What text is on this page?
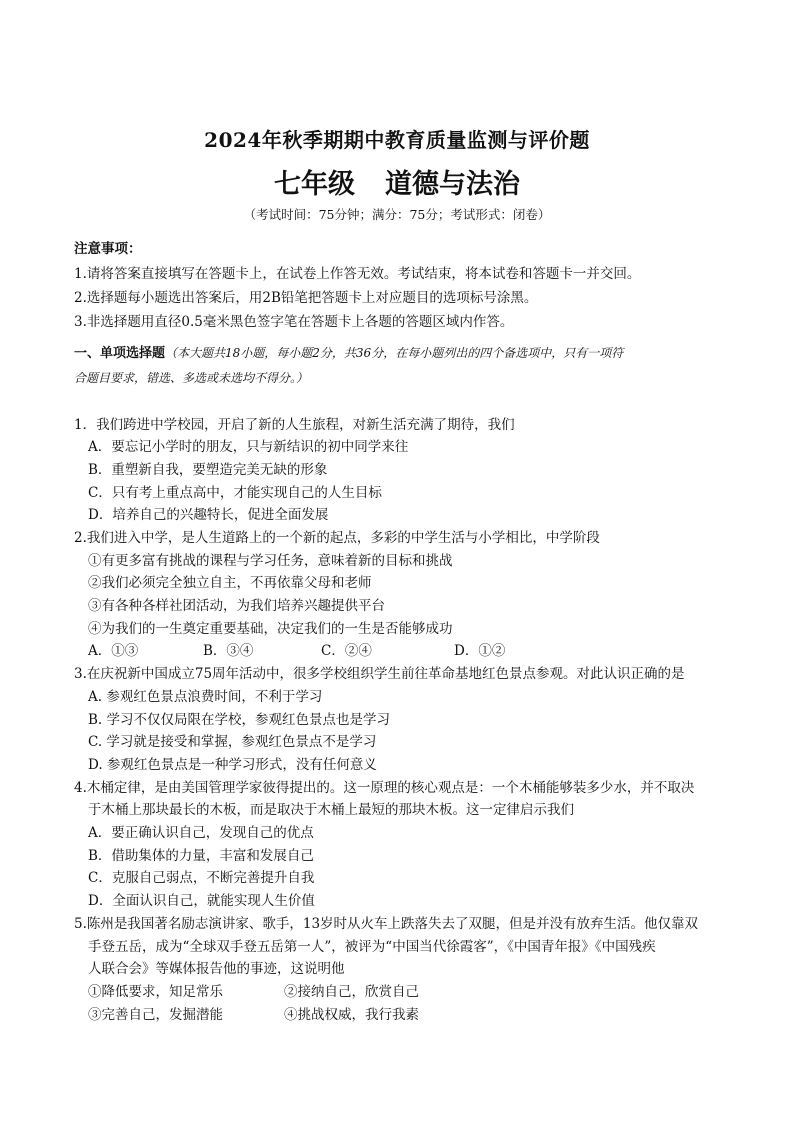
2024年秋季期期中教育质量监测与评价题
七年级 道德与法治
（考试时间：75分钟；满分：75分；考试形式：闭卷）
注意事项：
1.请将答案直接填写在答题卡上，在试卷上作答无效。考试结束，将本试卷和答题卡一并交回。
2.选择题每小题选出答案后，用2B铅笔把答题卡上对应题目的选项标号涂黑。
3.非选择题用直径0.5毫米黑色签字笔在答题卡上各题的答题区域内作答。
一、单项选择题（本大题共18小题，每小题2分，共36分，在每小题列出的四个备选项中，只有一项符
合题目要求，错选、多选或未选均不得分。）
1．我们跨进中学校园，开启了新的人生旅程，对新生活充满了期待，我们
A．要忘记小学时的朋友，只与新结识的初中同学来往
B．重塑新自我，要塑造完美无缺的形象
C．只有考上重点高中，才能实现自己的人生目标
D．培养自己的兴趣特长，促进全面发展
2.我们进入中学，是人生道路上的一个新的起点，多彩的中学生活与小学相比，中学阶段
①有更多富有挑战的课程与学习任务，意味着新的目标和挑战
②我们必须完全独立自主，不再依靠父母和老师
③有各种各样社团活动，为我们培养兴趣提供平台
④为我们的一生奠定重要基础，决定我们的一生是否能够成功
A．①③	B．③④	C．②④	D．①②
3.在庆祝新中国成立75周年活动中，很多学校组织学生前往革命基地红色景点参观。对此认识正确的是
A. 参观红色景点浪费时间，不利于学习
B. 学习不仅仅局限在学校，参观红色景点也是学习
C. 学习就是接受和掌握，参观红色景点不是学习
D. 参观红色景点是一种学习形式，没有任何意义
4.木桶定律，是由美国管理学家彼得提出的。这一原理的核心观点是：一个木桶能够装多少水，并不取决
于木桶上那块最长的木板，而是取决于木桶上最短的那块木板。这一定律启示我们
A．要正确认识自己，发现自己的优点
B．借助集体的力量，丰富和发展自己
C．克服自己弱点，不断完善提升自我
D．全面认识自己，就能实现人生价值
5.陈州是我国著名励志演讲家、歌手，13岁时从火车上跌落失去了双腿，但是并没有放弃生活。他仅靠双
手登五岳，成为“全球双手登五岳第一人”，被评为“中国当代徐霞客”，《中国青年报》《中国残疾
人联合会》等媒体报告他的事迹，这说明他
①降低要求，知足常乐	②接纳自己，欣赏自己
③完善自己，发掘潜能	④挑战权威，我行我素
